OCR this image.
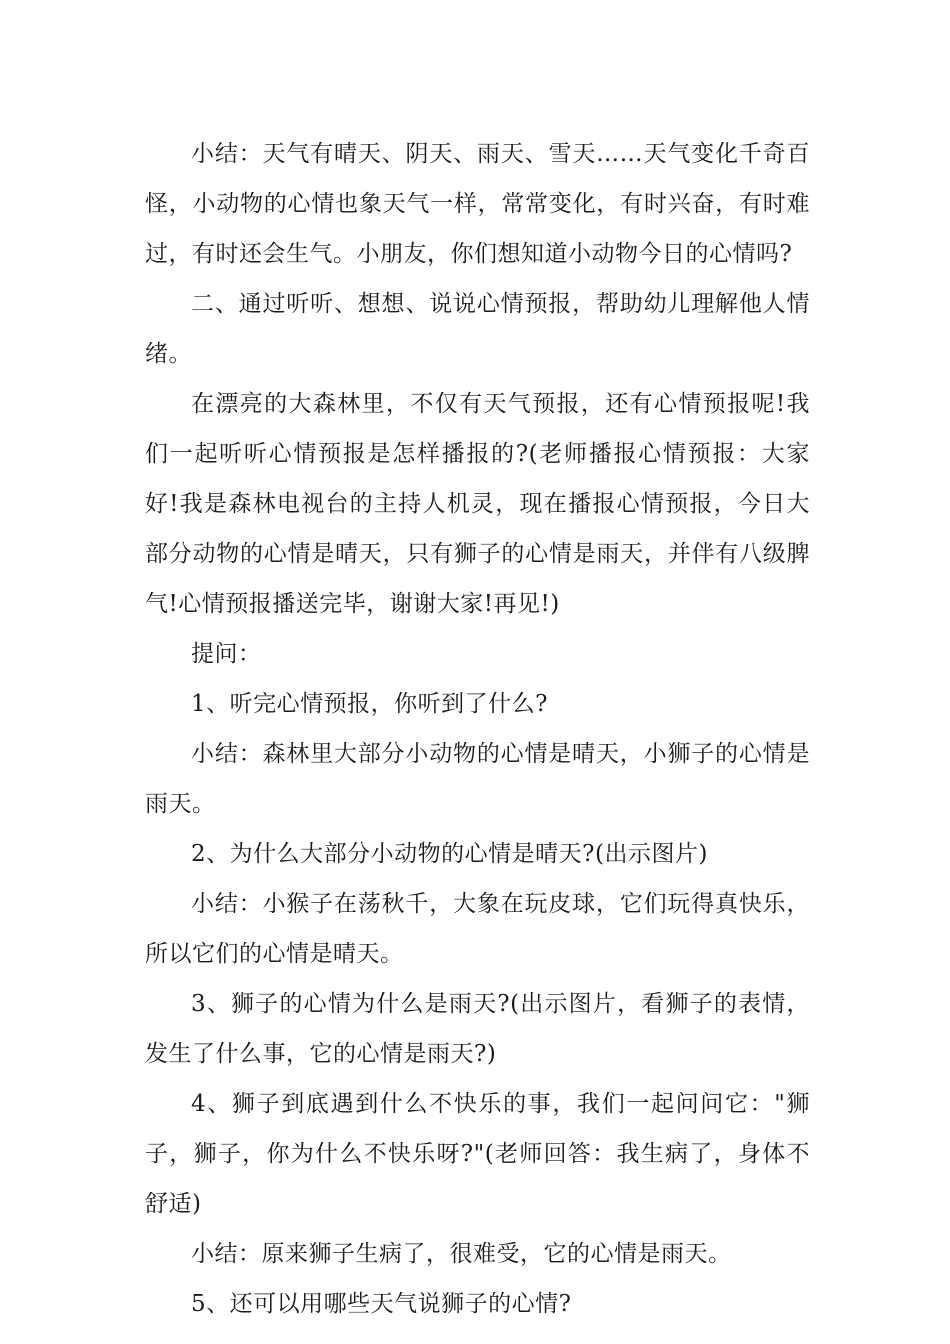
小结：天气有晴天、阴天、雨天、雪天……天气变化千奇百怪，小动物的心情也象天气一样，常常变化，有时兴奋，有时难过，有时还会生气。小朋友，你们想知道小动物今日的心情吗?

二、通过听听、想想、说说心情预报，帮助幼儿理解他人情绪。

在漂亮的大森林里，不仅有天气预报，还有心情预报呢!我们一起听听心情预报是怎样播报的?(老师播报心情预报：大家好!我是森林电视台的主持人机灵，现在播报心情预报，今日大部分动物的心情是晴天，只有狮子的心情是雨天，并伴有八级脾气!心情预报播送完毕，谢谢大家!再见!)

提问：

1、听完心情预报，你听到了什么?

小结：森林里大部分小动物的心情是晴天，小狮子的心情是雨天。

2、为什么大部分小动物的心情是晴天?(出示图片)

小结：小猴子在荡秋千，大象在玩皮球，它们玩得真快乐，所以它们的心情是晴天。

3、狮子的心情为什么是雨天?(出示图片，看狮子的表情，发生了什么事，它的心情是雨天?)

4、狮子到底遇到什么不快乐的事，我们一起问问它："狮子，狮子，你为什么不快乐呀?"(老师回答：我生病了，身体不舒适)

小结：原来狮子生病了，很难受，它的心情是雨天。

5、还可以用哪些天气说狮子的心情?
